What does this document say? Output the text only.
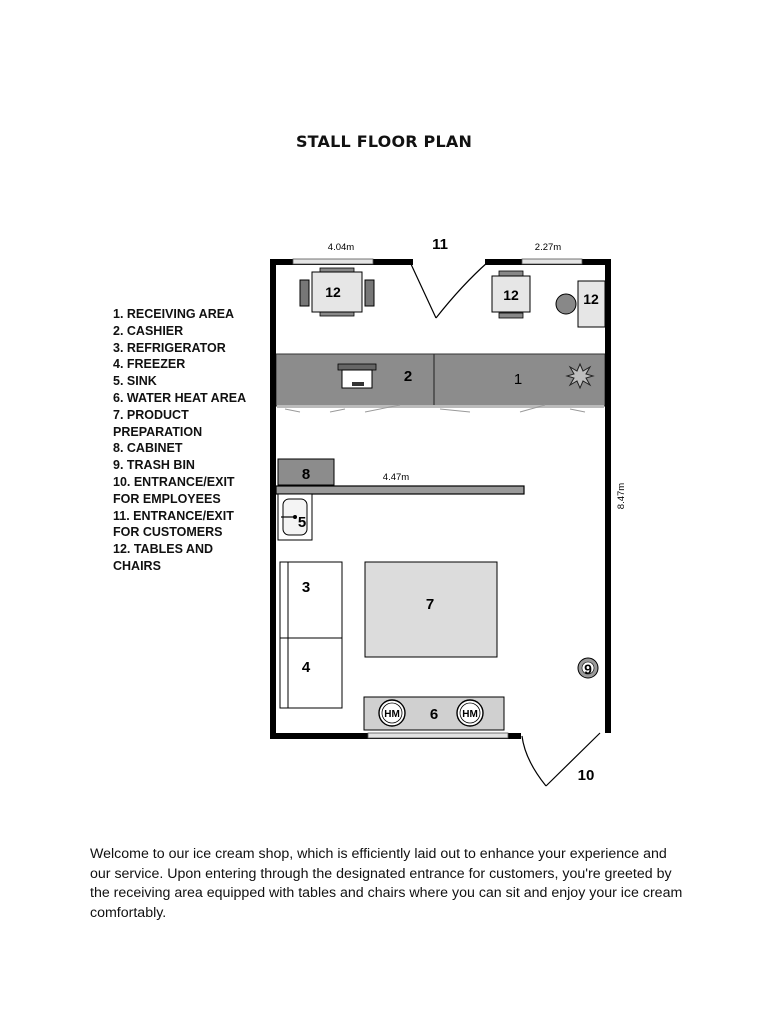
STALL FLOOR PLAN
1. RECEIVING AREA
2. CASHIER
3. REFRIGERATOR
4. FREEZER
5. SINK
6. WATER HEAT AREA
7. PRODUCT PREPARATION
8. CABINET
9. TRASH BIN
10. ENTRANCE/EXIT FOR EMPLOYEES
11. ENTRANCE/EXIT FOR CUSTOMERS
12. TABLES AND CHAIRS
4.04m	2.27m
4.47m
8.47m
11
10
12	12	12
2	1
8
5
3
4
7
9
HM	HM
6

Welcome to our ice cream shop, which is efficiently laid out to enhance your experience and our service. Upon entering through the designated entrance for customers, you're greeted by the receiving area equipped with tables and chairs where you can sit and enjoy your ice cream comfortably.
